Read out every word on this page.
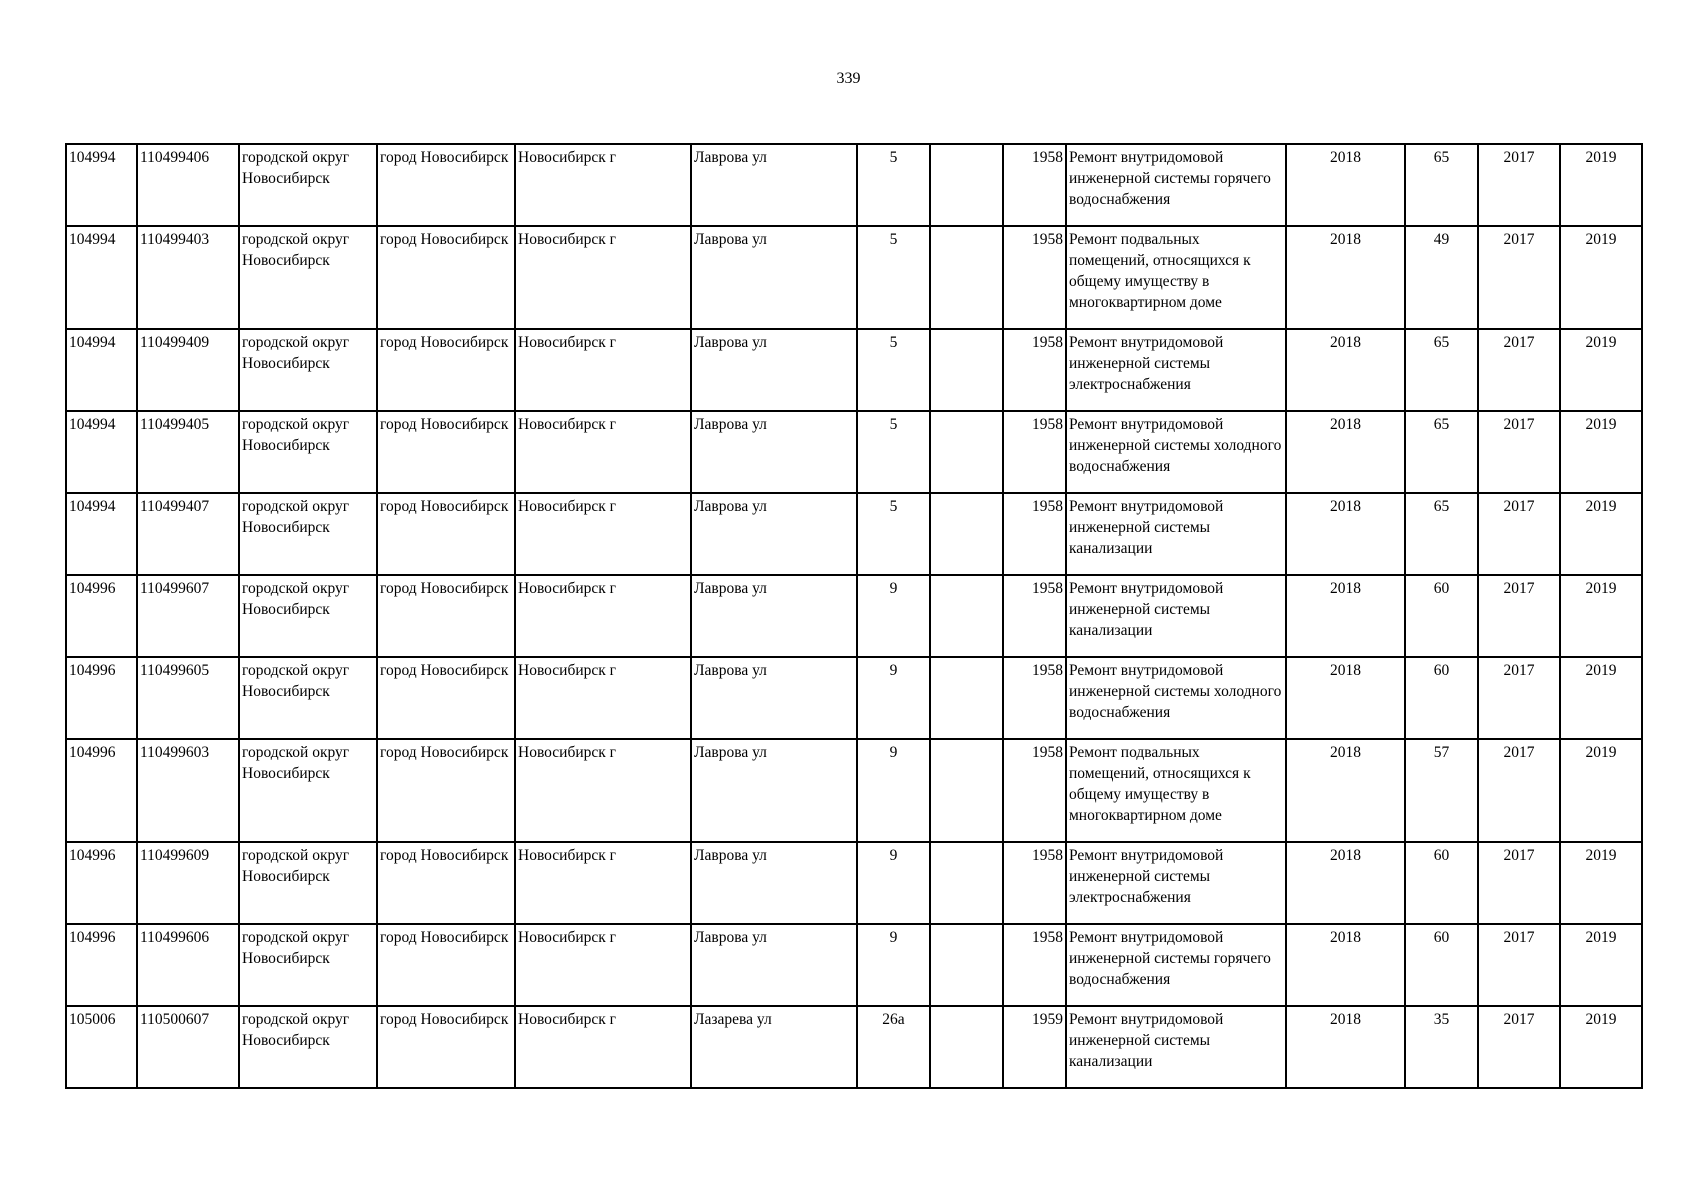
339
104994	110499406	городской округ Новосибирск	город Новосибирск	Новосибирск г	Лаврова ул	5		1958	Ремонт внутридомовой инженерной системы горячего водоснабжения	2018	65	2017	2019
104994	110499403	городской округ Новосибирск	город Новосибирск	Новосибирск г	Лаврова ул	5		1958	Ремонт подвальных помещений, относящихся к общему имуществу в многоквартирном доме	2018	49	2017	2019
104994	110499409	городской округ Новосибирск	город Новосибирск	Новосибирск г	Лаврова ул	5		1958	Ремонт внутридомовой инженерной системы электроснабжения	2018	65	2017	2019
104994	110499405	городской округ Новосибирск	город Новосибирск	Новосибирск г	Лаврова ул	5		1958	Ремонт внутридомовой инженерной системы холодного водоснабжения	2018	65	2017	2019
104994	110499407	городской округ Новосибирск	город Новосибирск	Новосибирск г	Лаврова ул	5		1958	Ремонт внутридомовой инженерной системы канализации	2018	65	2017	2019
104996	110499607	городской округ Новосибирск	город Новосибирск	Новосибирск г	Лаврова ул	9		1958	Ремонт внутридомовой инженерной системы канализации	2018	60	2017	2019
104996	110499605	городской округ Новосибирск	город Новосибирск	Новосибирск г	Лаврова ул	9		1958	Ремонт внутридомовой инженерной системы холодного водоснабжения	2018	60	2017	2019
104996	110499603	городской округ Новосибирск	город Новосибирск	Новосибирск г	Лаврова ул	9		1958	Ремонт подвальных помещений, относящихся к общему имуществу в многоквартирном доме	2018	57	2017	2019
104996	110499609	городской округ Новосибирск	город Новосибирск	Новосибирск г	Лаврова ул	9		1958	Ремонт внутридомовой инженерной системы электроснабжения	2018	60	2017	2019
104996	110499606	городской округ Новосибирск	город Новосибирск	Новосибирск г	Лаврова ул	9		1958	Ремонт внутридомовой инженерной системы горячего водоснабжения	2018	60	2017	2019
105006	110500607	городской округ Новосибирск	город Новосибирск	Новосибирск г	Лазарева ул	26а		1959	Ремонт внутридомовой инженерной системы канализации	2018	35	2017	2019
